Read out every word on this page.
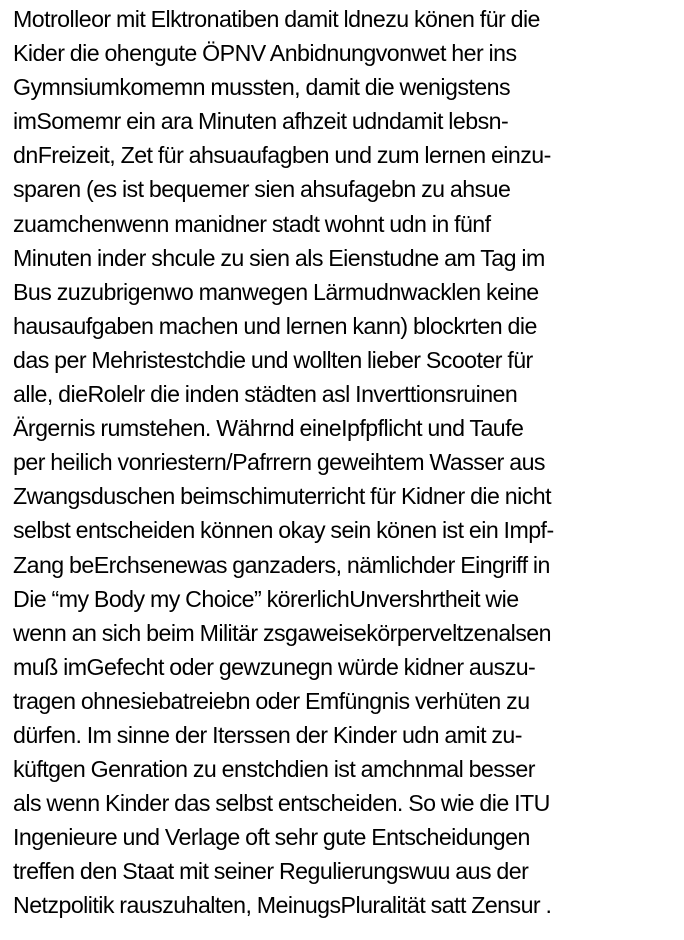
Motrolleor mit Elktronatiben damit ldnezu könen für die
Kider die ohengute ÖPNV Anbidnungvonwet her ins
Gymnsiumkomemn mussten, damit die wenigstens
imSomemr ein ara Minuten afhzeit udndamit lebsn-
dnFreizeit, Zet für ahsuaufagben und zum lernen einzu-
sparen (es ist bequemer sien ahsufagebn zu ahsue
zuamchenwenn manidner stadt wohnt udn in fünf
Minuten inder shcule zu sien als Eienstudne am Tag im
Bus zuzubrigenwo manwegen Lärmudnwacklen keine
hausaufgaben machen und lernen kann) blockrten die
das per Mehristestchdie und wollten lieber Scooter für
alle, dieRolelr die inden städten asl Inverttionsruinen
Ärgernis rumstehen. Währnd eineIpfpflicht und Taufe
per heilich vonriestern/Pafrrern geweihtem Wasser aus
Zwangsduschen beimschimuterricht für Kidner die nicht
selbst entscheiden können okay sein könen ist ein Impf-
Zang beErchsenewas ganzaders, nämlichder Eingriff in
Die “my Body my Choice” körerlichUnvershrtheit wie
wenn an sich beim Militär zsgaweisekörperveltzenalsen
muß imGefecht oder gewzunegn würde kidner auszu-
tragen ohnesiebatreiebn oder Emfüngnis verhüten zu
dürfen. Im sinne der Iterssen der Kinder udn amit zu-
küftgen Genration zu enstchdien ist amchnmal besser
als wenn Kinder das selbst entscheiden. So wie die ITU
Ingenieure und Verlage oft sehr gute Entscheidungen
treffen den Staat mit seiner Regulierungswuu aus der
Netzpolitik rauszuhalten, MeinugsPluralität satt Zensur .
